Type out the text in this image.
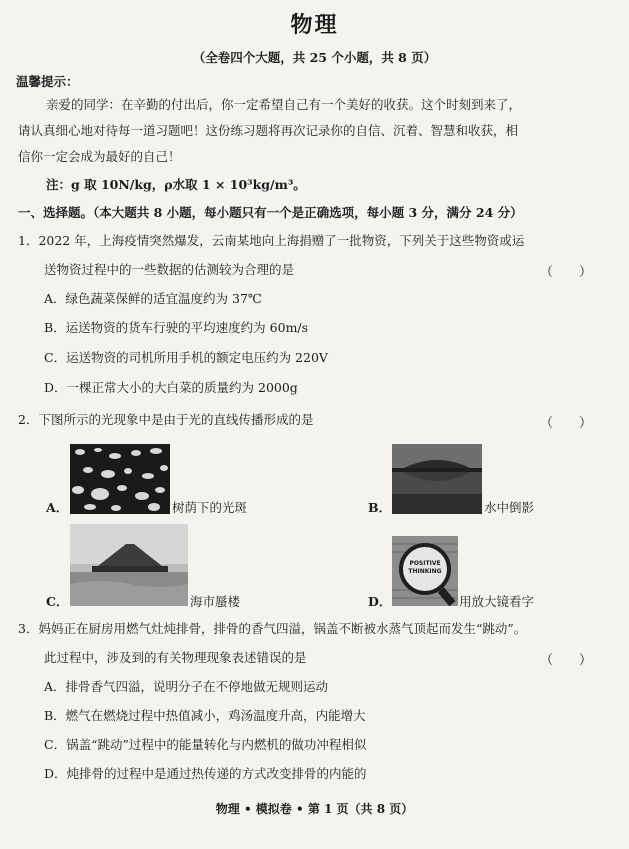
物理
（全卷四个大题，共 25 个小题，共 8 页）
温馨提示：
亲爱的同学：在辛勤的付出后，你一定希望自己有一个美好的收获。这个时刻到来了，
请认真细心地对待每一道习题吧！这份练习题将再次记录你的自信、沉着、智慧和收获，相
信你一定会成为最好的自己！
注：g 取 10N/kg，ρ水取 1 × 10³kg/m³。
一、选择题。（本大题共 8 小题，每小题只有一个是正确选项，每小题 3 分，满分 24 分）
1．2022 年，上海疫情突然爆发，云南某地向上海捐赠了一批物资，下列关于这些物资或运
送物资过程中的一些数据的估测较为合理的是	（　　）
A．绿色蔬菜保鲜的适宜温度约为 37℃
B．运送物资的货车行驶的平均速度约为 60m/s
C．运送物资的司机所用手机的额定电压约为 220V
D．一棵正常大小的大白菜的质量约为 2000g
2．下图所示的光现象中是由于光的直线传播形成的是	（　　）
A．	树荫下的光斑	B．	水中倒影
C．	海市蜃楼	D．
POSITIVE THINKING
用放大镜看字
3．妈妈正在厨房用燃气灶炖排骨，排骨的香气四溢，锅盖不断被水蒸气顶起而发生“跳动”。
此过程中，涉及到的有关物理现象表述错误的是	（　　）
A．排骨香气四溢，说明分子在不停地做无规则运动
B．燃气在燃烧过程中热值减小，鸡汤温度升高，内能增大
C．锅盖“跳动”过程中的能量转化与内燃机的做功冲程相似
D．炖排骨的过程中是通过热传递的方式改变排骨的内能的
物理 • 模拟卷 • 第 1 页（共 8 页）
